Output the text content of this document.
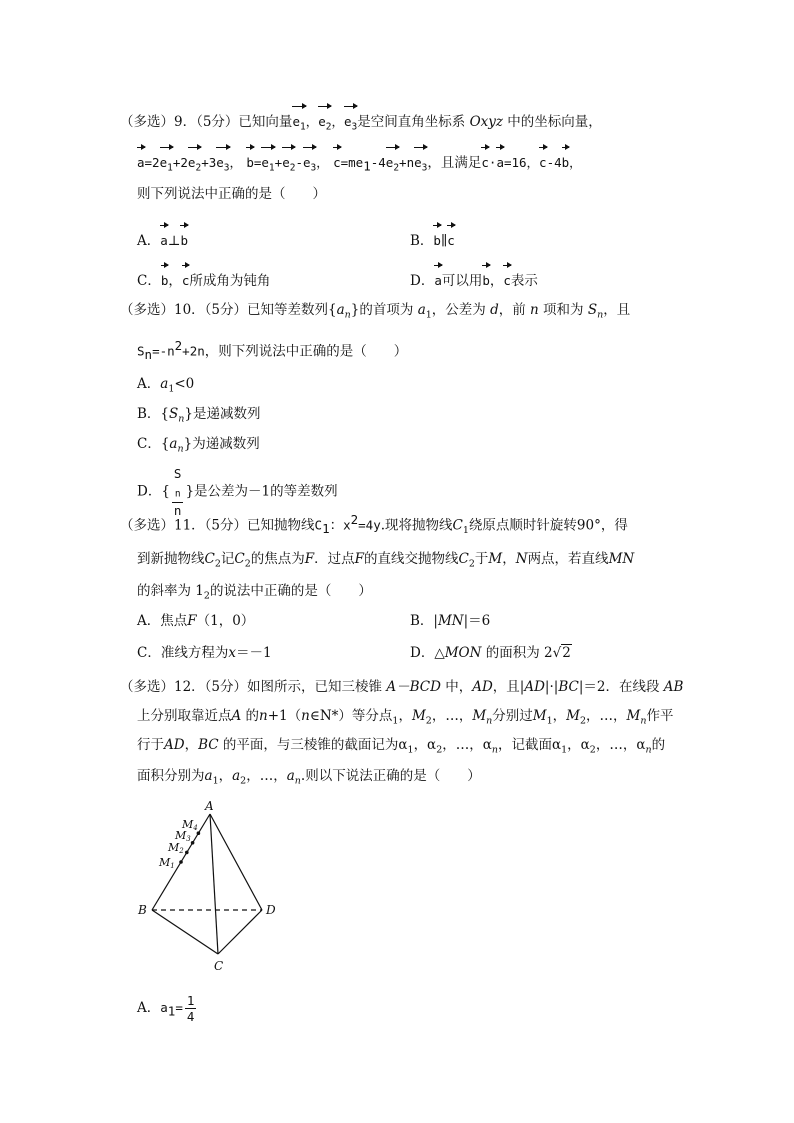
（多选）9．（5分）已知向量$e_1$，$e_2$，$e_3$是空间直角坐标系 Oxyz 中的坐标向量，
$a=2e_1+2e_2+3e_3$， $b=e_1+e_2-e_3$， $c=me_1-4e_2+ne_3$，且满足c·a=16，c-4b，
则下列说法中正确的是（　　）
A．a⊥b	B．b∥c
C．b，c所成角为钝角	D．a可以用b，c表示
（多选）10．（5分）已知等差数列$\{a_n\}$的首项为 $a_1$，公差为 d，前 n 项和为 $S_n$，且
$S_n=-n^2+2n$，则下列说法中正确的是（　　）
A．$a_1<0$
B．$\{S_n\}$是递减数列
C．$\{a_n\}$为递减数列
D．{ S
$_n$
n }是公差为－1的等差数列
（多选）11．（5分）已知抛物线$C_1$：$x^2=4y$.现将抛物线$C_1$绕原点顺时针旋转90°，得
到新抛物线$C_2$记$C_2$的焦点为F．过点F的直线交抛物线$C_2$于M，N两点，若直线MN
的斜率为 $1_2$的说法中正确的是（　　）
A．焦点F（1，0）	B．|MN|＝6
C．准线方程为x＝－1	D．△MON 的面积为 2√2
（多选）12．（5分）如图所示，已知三棱锥 A－BCD 中，AD，且|AD|·|BC|＝2．在线段 AB
上分别取靠近点A 的n+1（n∈N*）等分点$_1$，$M_2$，…，$M_n$分别过$M_1$，$M_2$，…，$M_n$作平
行于AD，BC 的平面，与三棱锥的截面记为$\alpha_1$，$\alpha_2$，…，$\alpha_n$，记截面$\alpha_1$，$\alpha_2$，…，$\alpha_n$的
面积分别为$a_1$，$a_2$，…，$a_n$.则以下说法正确的是（　　）
A
B	D
C
M4
M3
M2
M1
A．$a_1= \frac{1}{4}$
